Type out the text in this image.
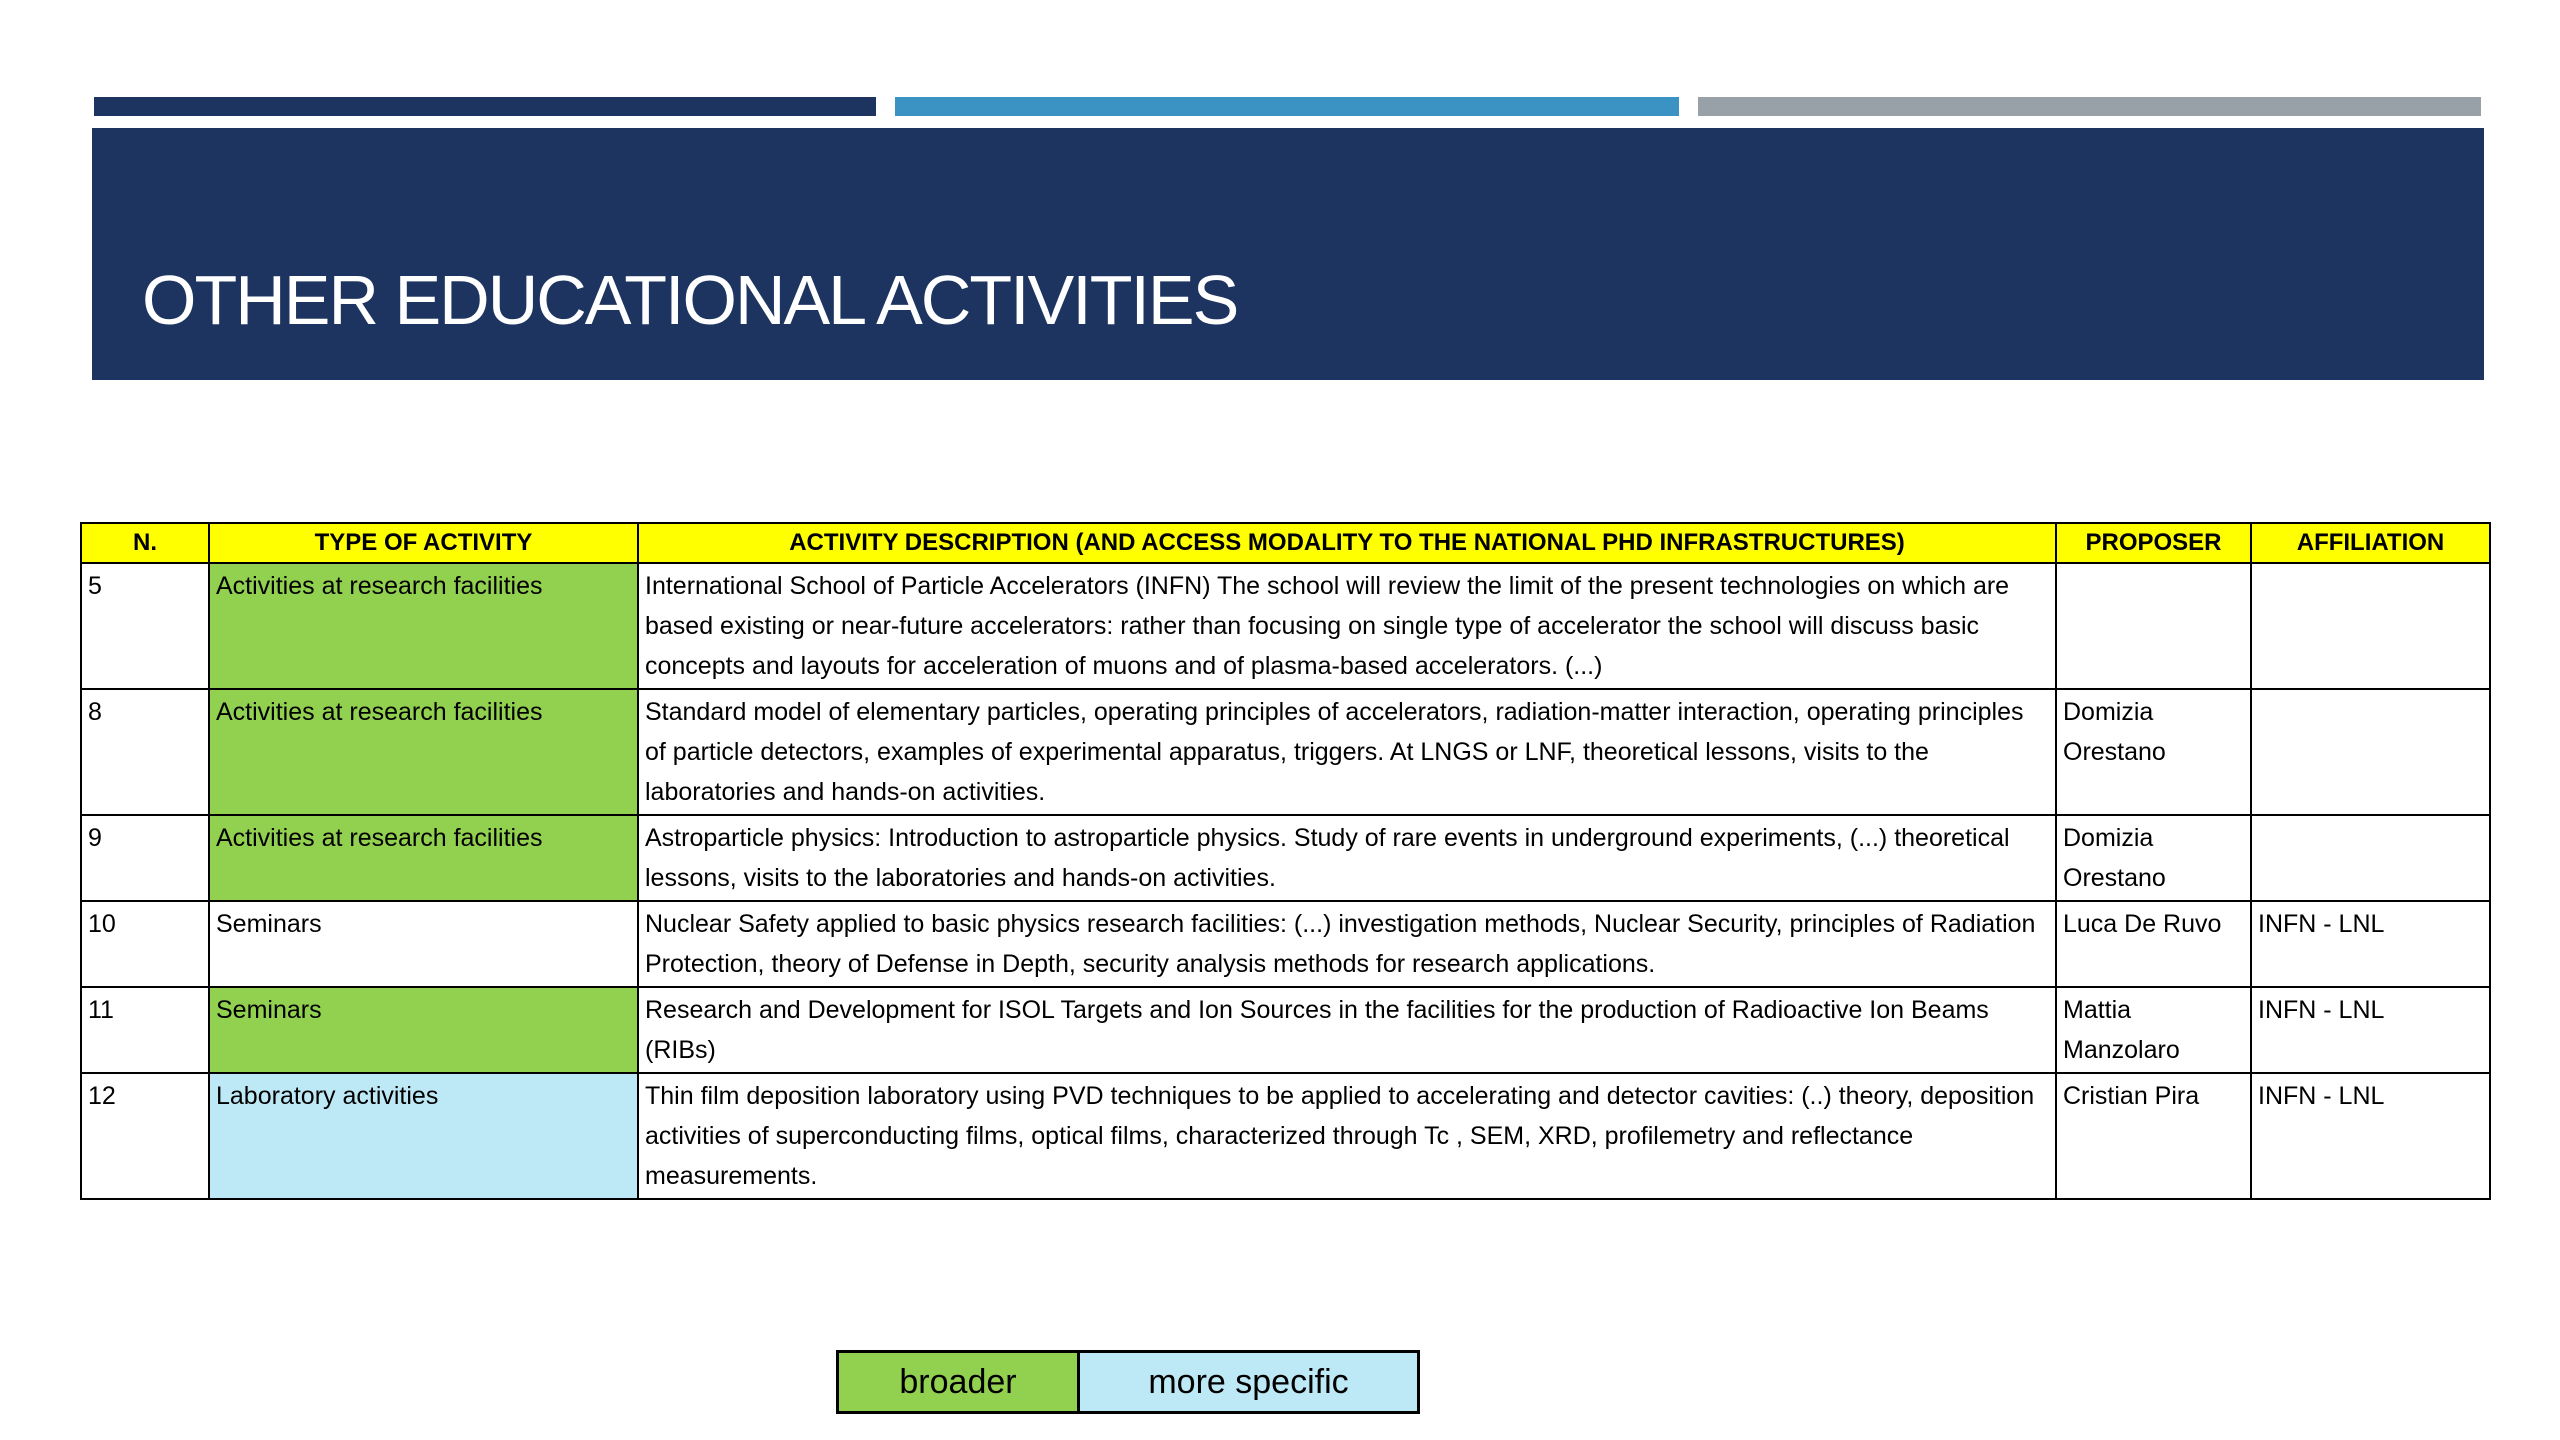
OTHER EDUCATIONAL ACTIVITIES
N.	TYPE OF ACTIVITY	ACTIVITY DESCRIPTION (AND ACCESS MODALITY TO THE NATIONAL PHD INFRASTRUCTURES)	PROPOSER	AFFILIATION
5	Activities at research facilities	International School of Particle Accelerators (INFN) The school will review the limit of the present technologies on which are based existing or near-future accelerators: rather than focusing on single type of accelerator the school will discuss basic concepts and layouts for acceleration of muons and of plasma-based accelerators. (...)		
8	Activities at research facilities	Standard model of elementary particles, operating principles of accelerators, radiation-matter interaction, operating principles of particle detectors, examples of experimental apparatus, triggers. At LNGS or LNF, theoretical lessons, visits to the laboratories and hands-on activities.	Domizia Orestano	
9	Activities at research facilities	Astroparticle physics: Introduction to astroparticle physics. Study of rare events in underground experiments, (...) theoretical lessons, visits to the laboratories and hands-on activities.	Domizia Orestano	
10	Seminars	Nuclear Safety applied to basic physics research facilities: (...) investigation methods, Nuclear Security, principles of Radiation Protection, theory of Defense in Depth, security analysis methods for research applications.	Luca De Ruvo	INFN - LNL
11	Seminars	Research and Development for ISOL Targets and Ion Sources in the facilities for the production of Radioactive Ion Beams (RIBs)	Mattia Manzolaro	INFN - LNL
12	Laboratory activities	Thin film deposition laboratory using PVD techniques to be applied to accelerating and detector cavities: (..) theory, deposition activities of superconducting films, optical films, characterized through Tc , SEM, XRD, profilemetry and reflectance measurements.	Cristian Pira	INFN - LNL
broader	more specific
